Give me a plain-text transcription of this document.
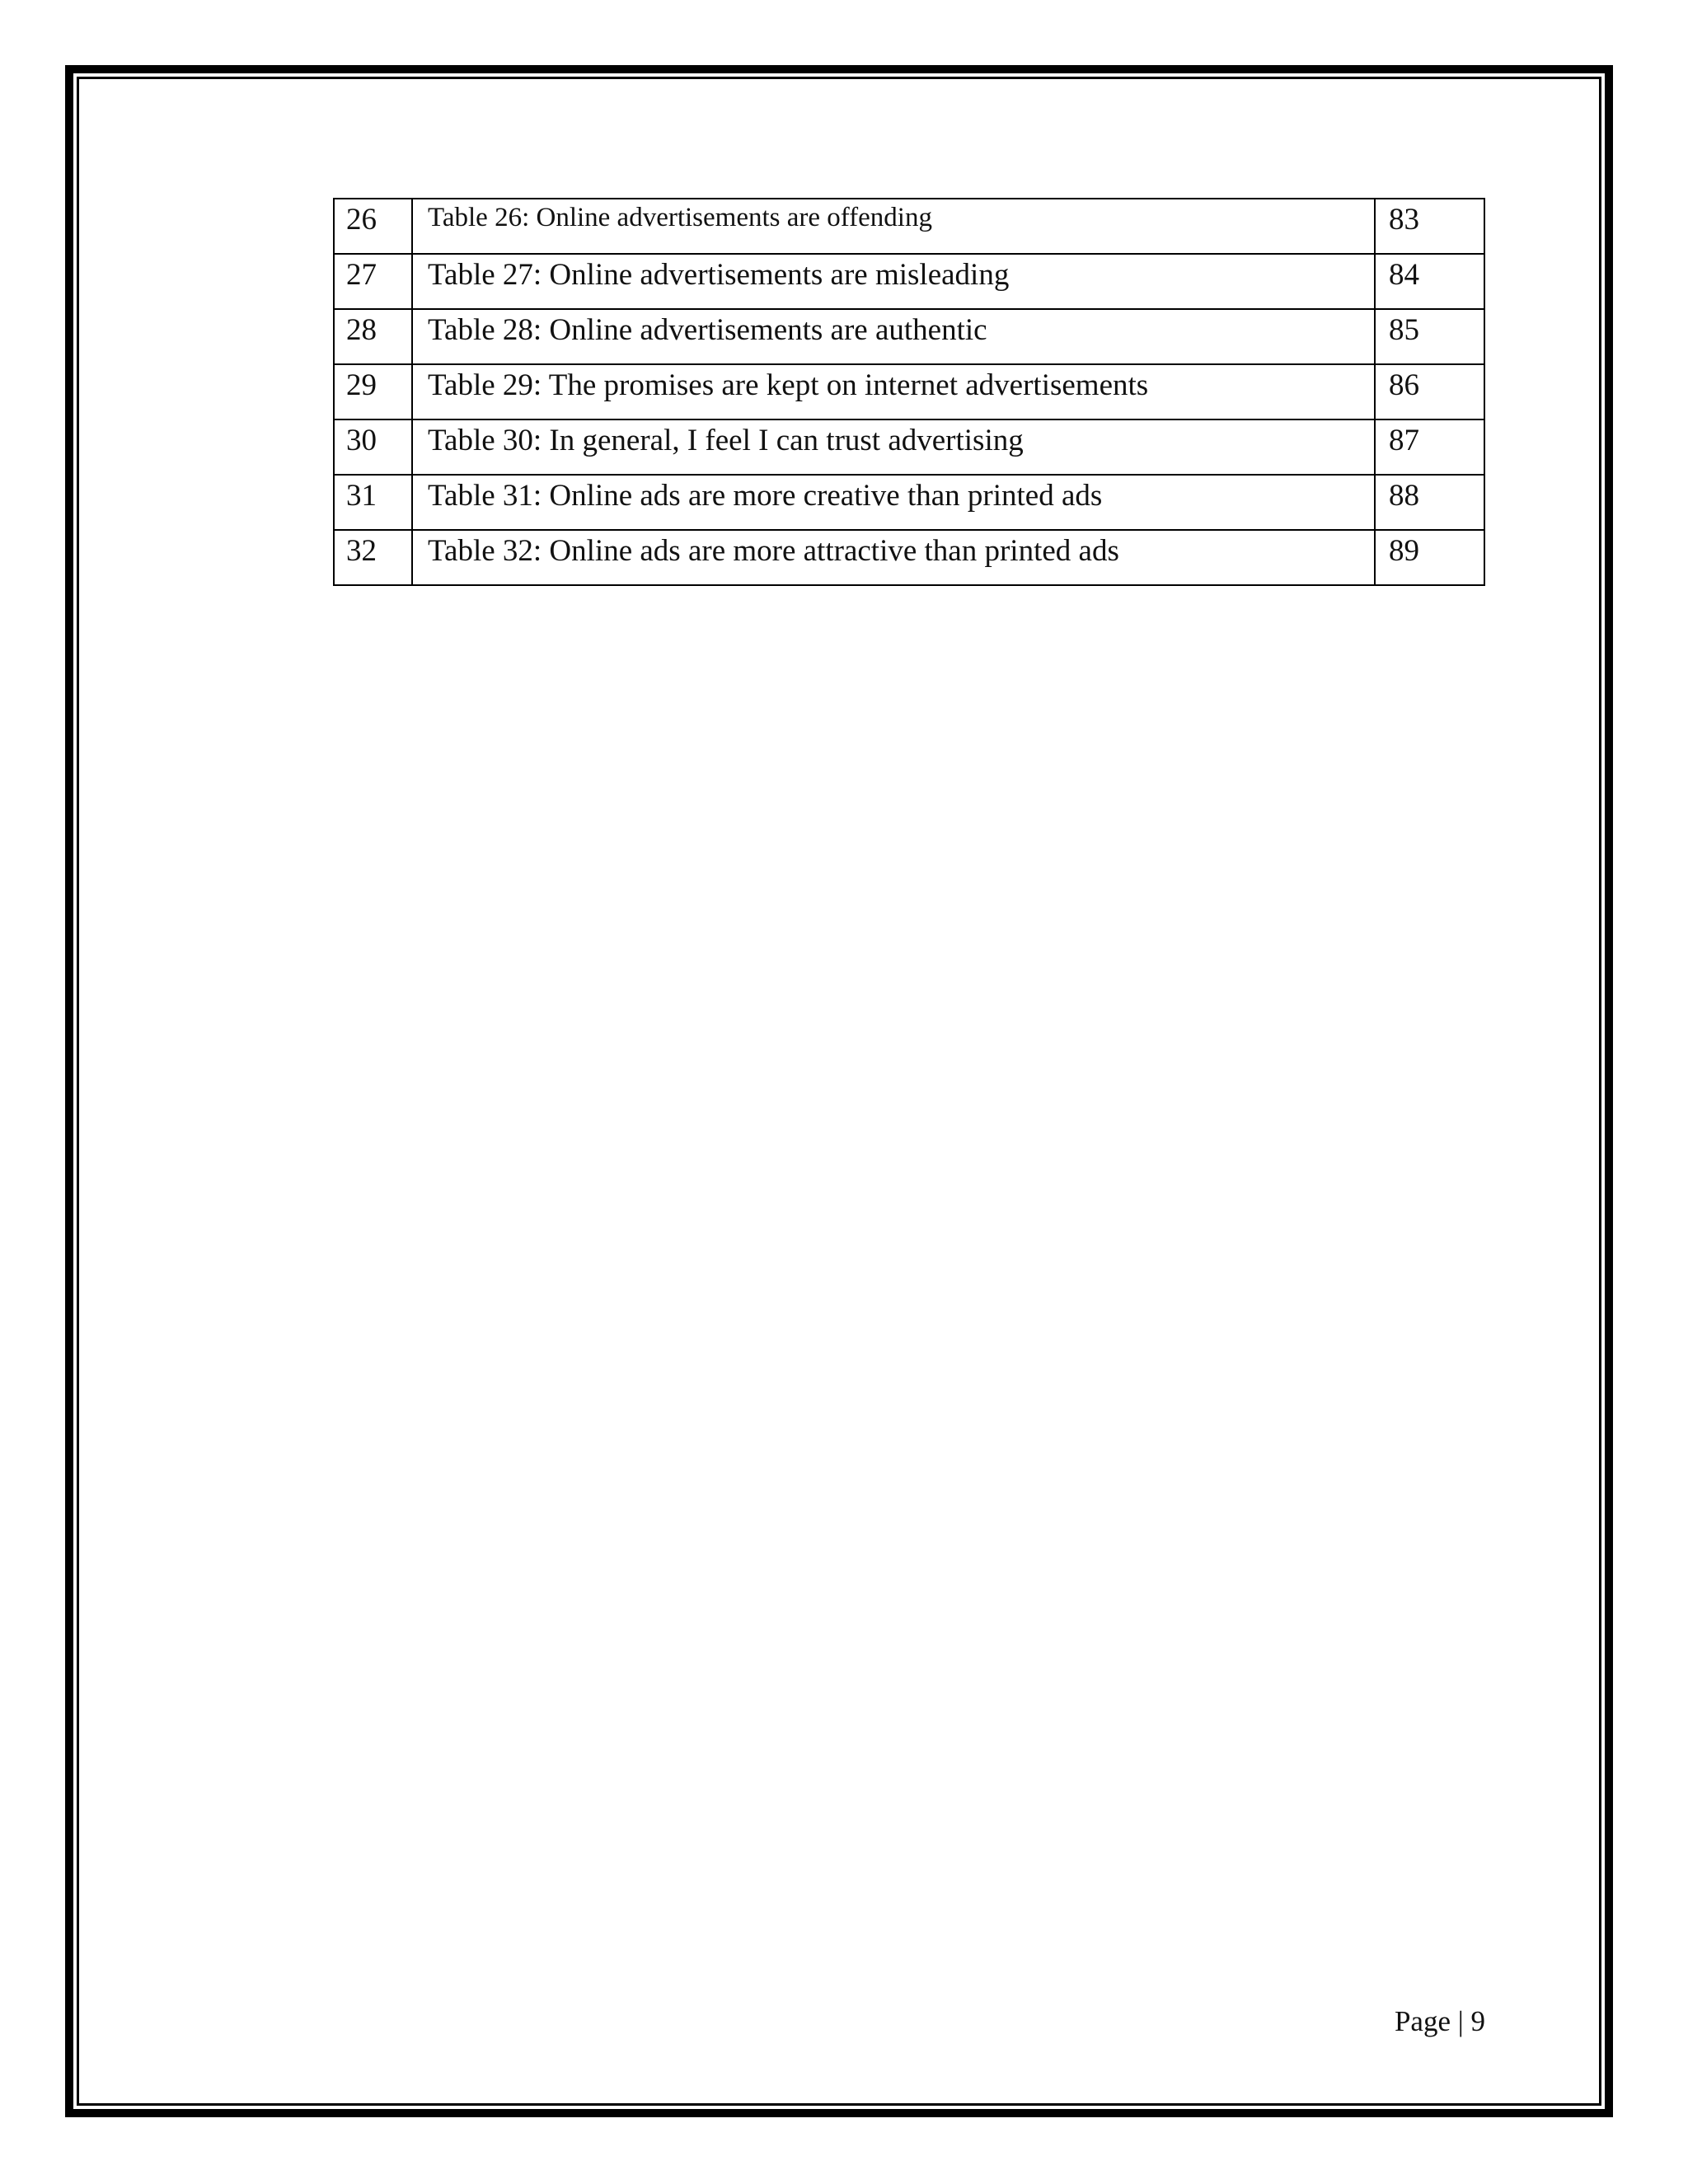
26	Table 26: Online advertisements are offending	83
27	Table 27: Online advertisements are misleading	84
28	Table 28: Online advertisements are authentic	85
29	Table 29: The promises are kept on internet advertisements	86
30	Table 30: In general, I feel I can trust advertising	87
31	Table 31: Online ads are more creative than printed ads	88
32	Table 32: Online ads are more attractive than printed ads	89
Page | 9
